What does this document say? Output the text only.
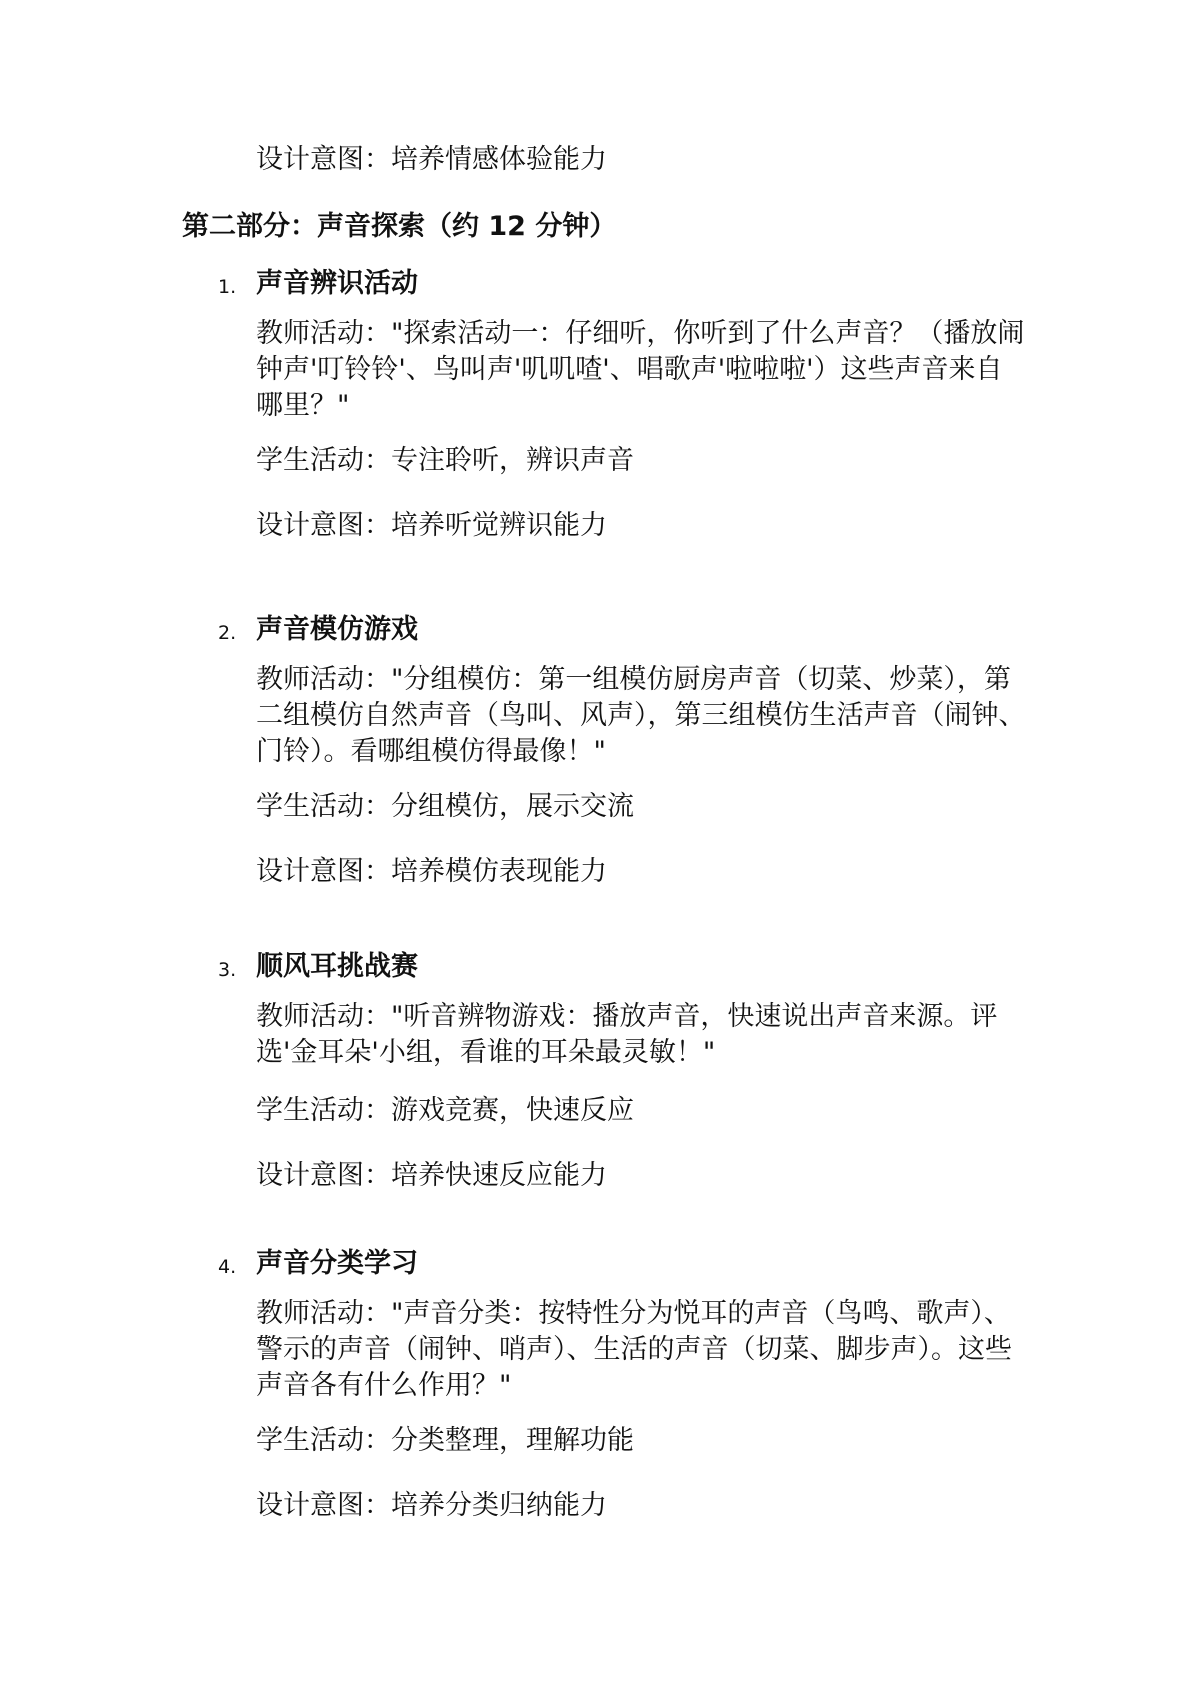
设计意图：培养情感体验能力
第二部分：声音探索（约 12 分钟）
1. 声音辨识活动
教师活动："探索活动一：仔细听，你听到了什么声音？（播放闹钟声'叮铃铃'、鸟叫声'叽叽喳'、唱歌声'啦啦啦'）这些声音来自哪里？"
学生活动：专注聆听，辨识声音
设计意图：培养听觉辨识能力
2. 声音模仿游戏
教师活动："分组模仿：第一组模仿厨房声音（切菜、炒菜），第二组模仿自然声音（鸟叫、风声），第三组模仿生活声音（闹钟、门铃）。看哪组模仿得最像！"
学生活动：分组模仿，展示交流
设计意图：培养模仿表现能力
3. 顺风耳挑战赛
教师活动："听音辨物游戏：播放声音，快速说出声音来源。评选'金耳朵'小组，看谁的耳朵最灵敏！"
学生活动：游戏竞赛，快速反应
设计意图：培养快速反应能力
4. 声音分类学习
教师活动："声音分类：按特性分为悦耳的声音（鸟鸣、歌声）、警示的声音（闹钟、哨声）、生活的声音（切菜、脚步声）。这些声音各有什么作用？"
学生活动：分类整理，理解功能
设计意图：培养分类归纳能力
